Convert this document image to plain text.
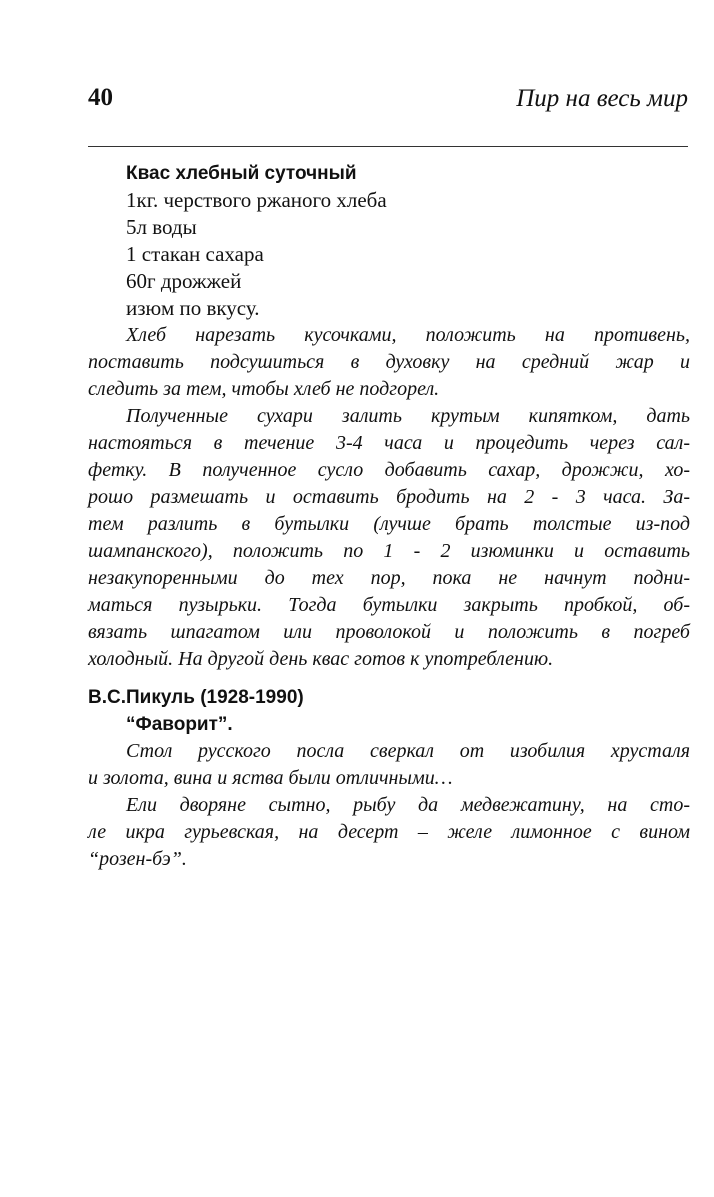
40	Пир на весь мир
Квас хлебный суточный
1кг. черствого ржаного хлеба
5л воды
1 стакан сахара
60г дрожжей
изюм по вкусу.
Хлеб нарезать кусочками, положить на противень,
поставить подсушиться в духовку на средний жар и
следить за тем, чтобы хлеб не подгорел.
Полученные сухари залить крутым кипятком, дать
настояться в течение 3-4 часа и процедить через сал-
фетку. В полученное сусло добавить сахар, дрожжи, хо-
рошо размешать и оставить бродить на 2 - 3 часа. За-
тем разлить в бутылки (лучше брать толстые из-под
шампанского), положить по 1 - 2 изюминки и оставить
незакупоренными до тех пор, пока не начнут подни-
маться пузырьки. Тогда бутылки закрыть пробкой, об-
вязать шпагатом или проволокой и положить в погреб
холодный. На другой день квас готов к употреблению.
В.С.Пикуль (1928-1990)
“Фаворит”.
Стол русского посла сверкал от изобилия хрусталя
и золота, вина и яства были отличными…
Ели дворяне сытно, рыбу да медвежатину, на сто-
ле икра гурьевская, на десерт – желе лимонное с вином
“розен-бэ”.
